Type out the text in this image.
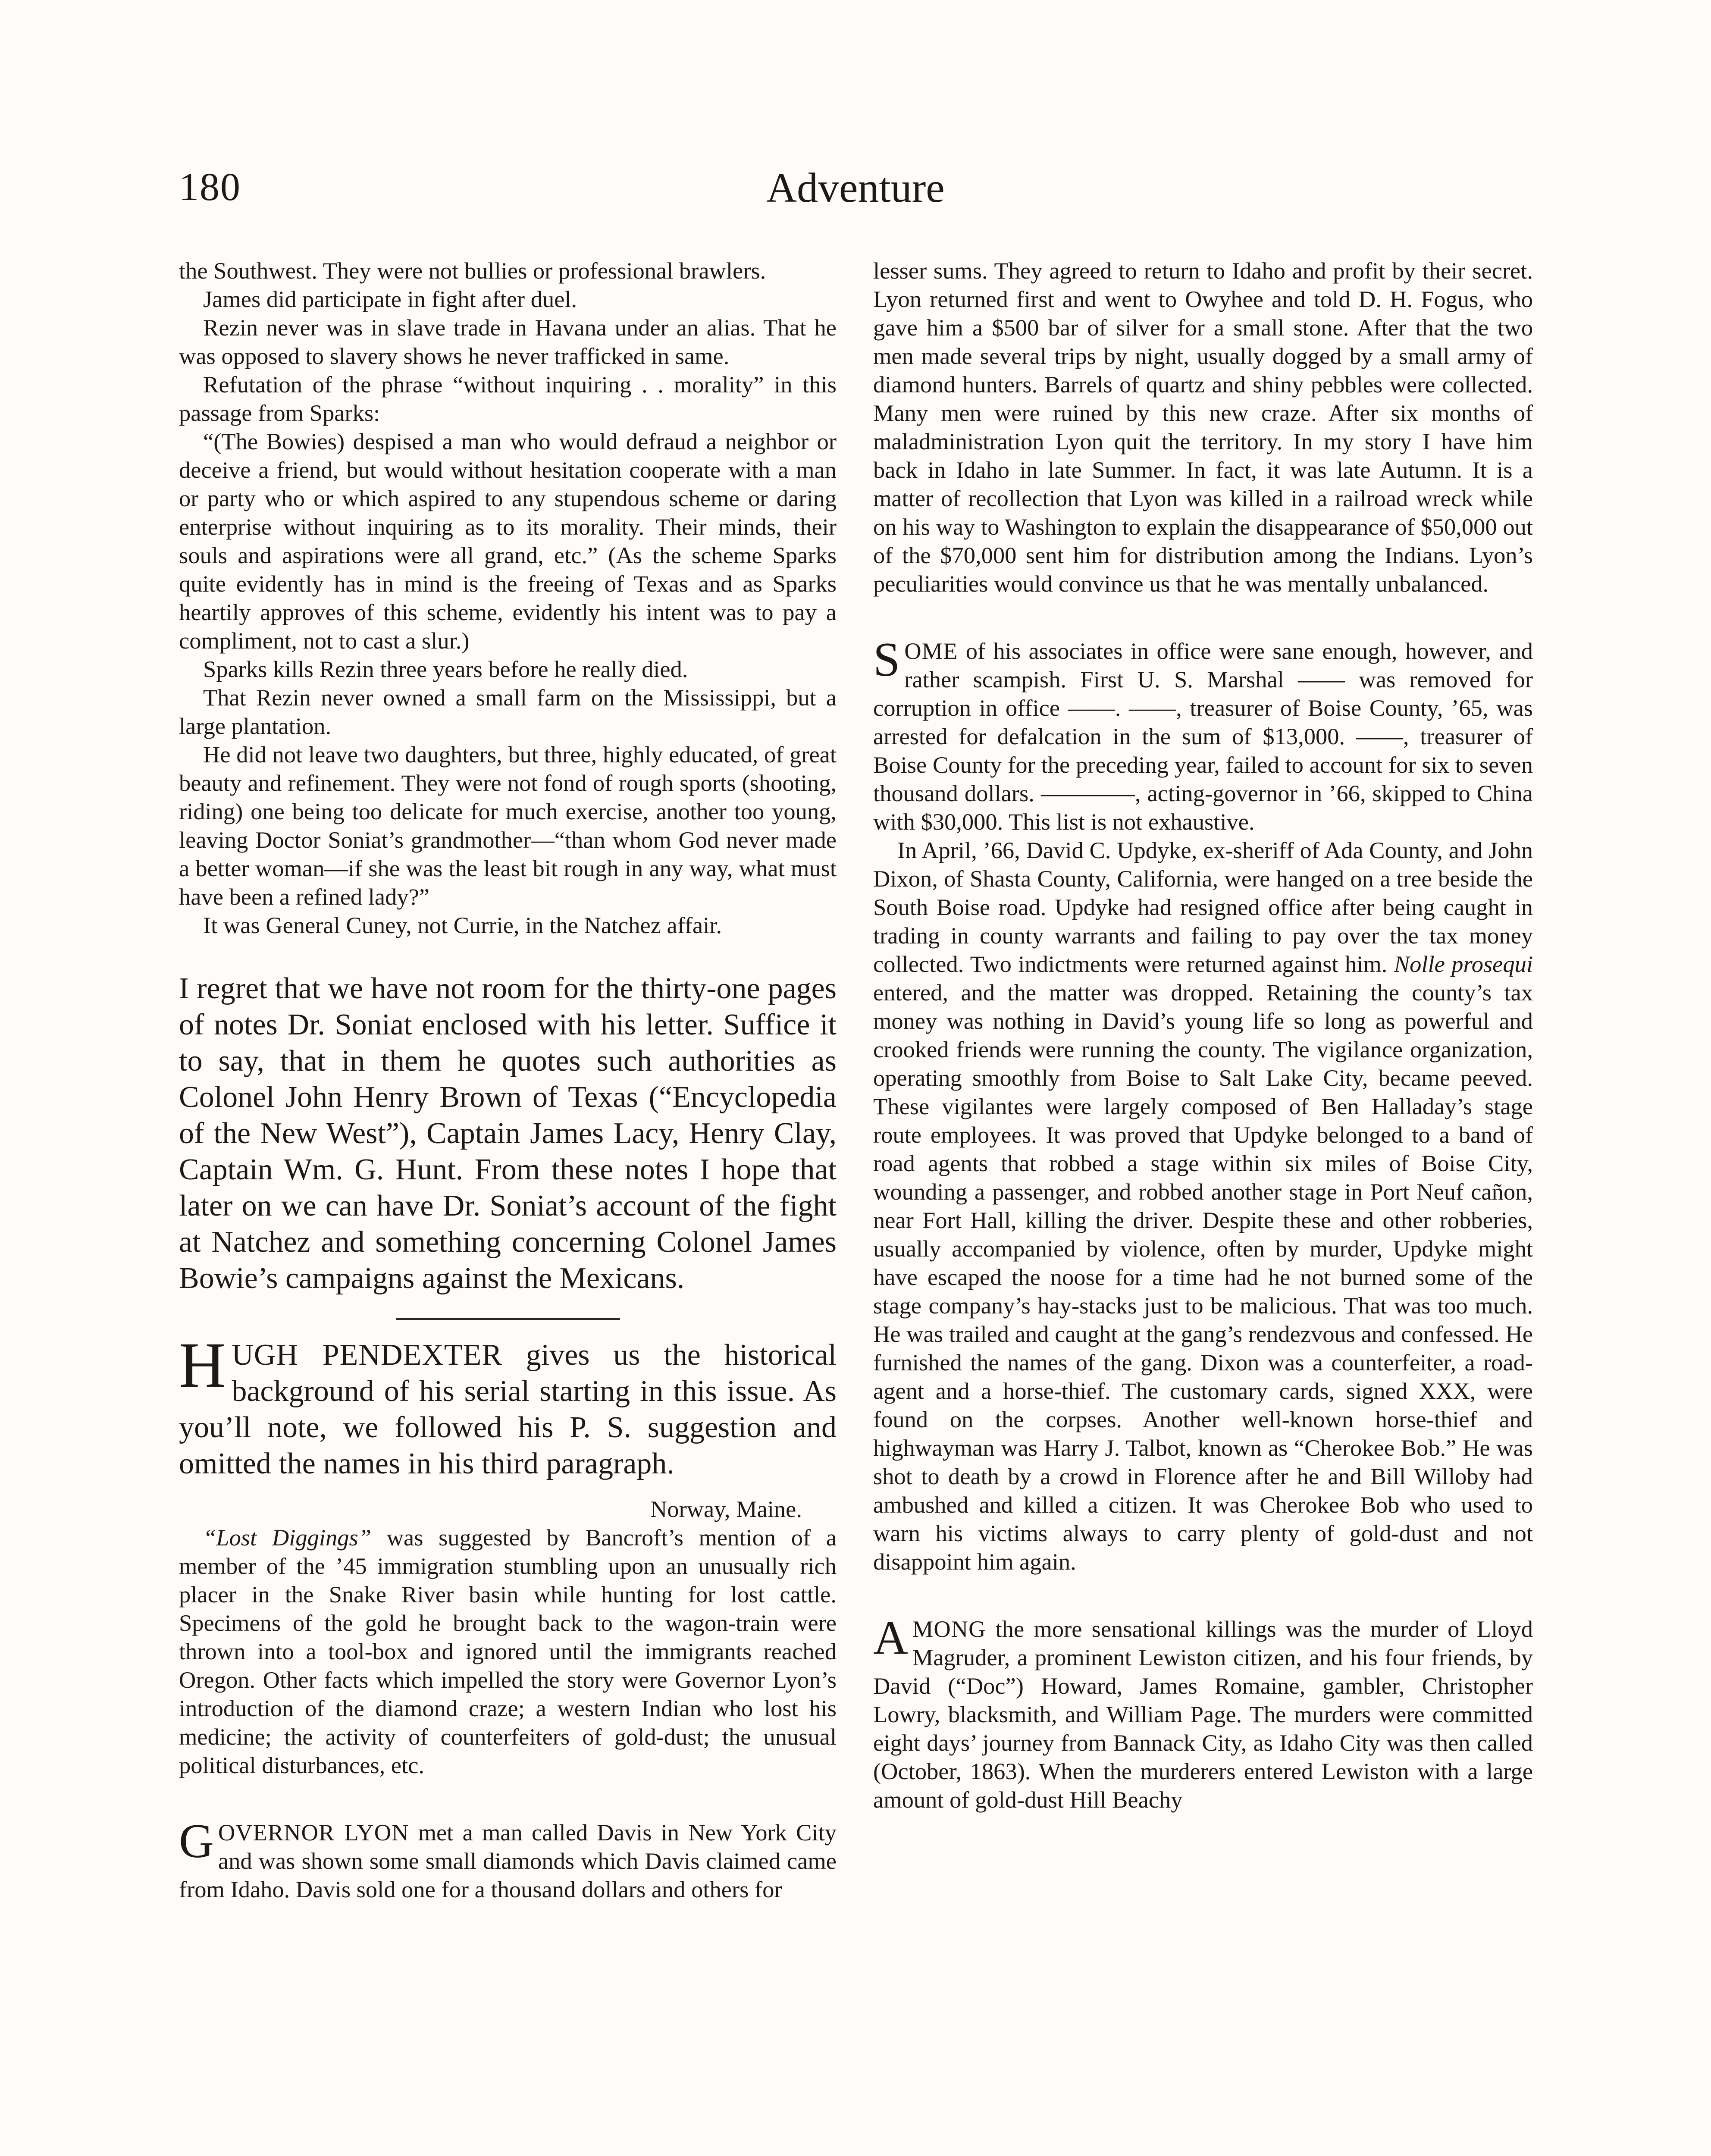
180	Adventure

the Southwest. They were not bullies or professional brawlers.

James did participate in fight after duel.

Rezin never was in slave trade in Havana under an alias. That he was opposed to slavery shows he never trafficked in same.

Refutation of the phrase “without inquiring . . morality” in this passage from Sparks:

“(The Bowies) despised a man who would defraud a neighbor or deceive a friend, but would without hesitation cooperate with a man or party who or which aspired to any stupendous scheme or daring enterprise without inquiring as to its morality. Their minds, their souls and aspirations were all grand, etc.” (As the scheme Sparks quite evidently has in mind is the freeing of Texas and as Sparks heartily approves of this scheme, evidently his intent was to pay a compliment, not to cast a slur.)

Sparks kills Rezin three years before he really died.

That Rezin never owned a small farm on the Mississippi, but a large plantation.

He did not leave two daughters, but three, highly educated, of great beauty and refinement. They were not fond of rough sports (shooting, riding) one being too delicate for much exercise, another too young, leaving Doctor Soniat’s grandmother—“than whom God never made a better woman—if she was the least bit rough in any way, what must have been a refined lady?”

It was General Cuney, not Currie, in the Natchez affair.

I regret that we have not room for the thirty-one pages of notes Dr. Soniat enclosed with his letter. Suffice it to say, that in them he quotes such authorities as Colonel John Henry Brown of Texas (“Encyclopedia of the New West”), Captain James Lacy, Henry Clay, Captain Wm. G. Hunt. From these notes I hope that later on we can have Dr. Soniat’s account of the fight at Natchez and something concerning Colonel James Bowie’s campaigns against the Mexicans.

HUGH PENDEXTER gives us the historical background of his serial starting in this issue. As you’ll note, we followed his P. S. suggestion and omitted the names in his third paragraph.

Norway, Maine.

“Lost Diggings” was suggested by Bancroft’s mention of a member of the ’45 immigration stumbling upon an unusually rich placer in the Snake River basin while hunting for lost cattle. Specimens of the gold he brought back to the wagon-train were thrown into a tool-box and ignored until the immigrants reached Oregon. Other facts which impelled the story were Governor Lyon’s introduction of the diamond craze; a western Indian who lost his medicine; the activity of counterfeiters of gold-dust; the unusual political disturbances, etc.

GOVERNOR LYON met a man called Davis in New York City and was shown some small diamonds which Davis claimed came from Idaho. Davis sold one for a thousand dollars and others for

lesser sums. They agreed to return to Idaho and profit by their secret. Lyon returned first and went to Owyhee and told D. H. Fogus, who gave him a $500 bar of silver for a small stone. After that the two men made several trips by night, usually dogged by a small army of diamond hunters. Barrels of quartz and shiny pebbles were collected. Many men were ruined by this new craze. After six months of maladministration Lyon quit the territory. In my story I have him back in Idaho in late Summer. In fact, it was late Autumn. It is a matter of recollection that Lyon was killed in a railroad wreck while on his way to Washington to explain the disappearance of $50,000 out of the $70,000 sent him for distribution among the Indians. Lyon’s peculiarities would convince us that he was mentally unbalanced.

SOME of his associates in office were sane enough, however, and rather scampish. First U. S. Marshal —— was removed for corruption in office ——. ——, treasurer of Boise County, ’65, was arrested for defalcation in the sum of $13,000. ——, treasurer of Boise County for the preceding year, failed to account for six to seven thousand dollars. ————, acting-governor in ’66, skipped to China with $30,000. This list is not exhaustive.

In April, ’66, David C. Updyke, ex-sheriff of Ada County, and John Dixon, of Shasta County, California, were hanged on a tree beside the South Boise road. Updyke had resigned office after being caught in trading in county warrants and failing to pay over the tax money collected. Two indictments were returned against him. Nolle prosequi entered, and the matter was dropped. Retaining the county’s tax money was nothing in David’s young life so long as powerful and crooked friends were running the county. The vigilance organization, operating smoothly from Boise to Salt Lake City, became peeved. These vigilantes were largely composed of Ben Halladay’s stage route employees. It was proved that Updyke belonged to a band of road agents that robbed a stage within six miles of Boise City, wounding a passenger, and robbed another stage in Port Neuf cañon, near Fort Hall, killing the driver. Despite these and other robberies, usually accompanied by violence, often by murder, Updyke might have escaped the noose for a time had he not burned some of the stage company’s hay-stacks just to be malicious. That was too much. He was trailed and caught at the gang’s rendezvous and confessed. He furnished the names of the gang. Dixon was a counterfeiter, a road-agent and a horse-thief. The customary cards, signed XXX, were found on the corpses. Another well-known horse-thief and highwayman was Harry J. Talbot, known as “Cherokee Bob.” He was shot to death by a crowd in Florence after he and Bill Willoby had ambushed and killed a citizen. It was Cherokee Bob who used to warn his victims always to carry plenty of gold-dust and not disappoint him again.

AMONG the more sensational killings was the murder of Lloyd Magruder, a prominent Lewiston citizen, and his four friends, by David (“Doc”) Howard, James Romaine, gambler, Christopher Lowry, blacksmith, and William Page. The murders were committed eight days’ journey from Bannack City, as Idaho City was then called (October, 1863). When the murderers entered Lewiston with a large amount of gold-dust Hill Beachy
